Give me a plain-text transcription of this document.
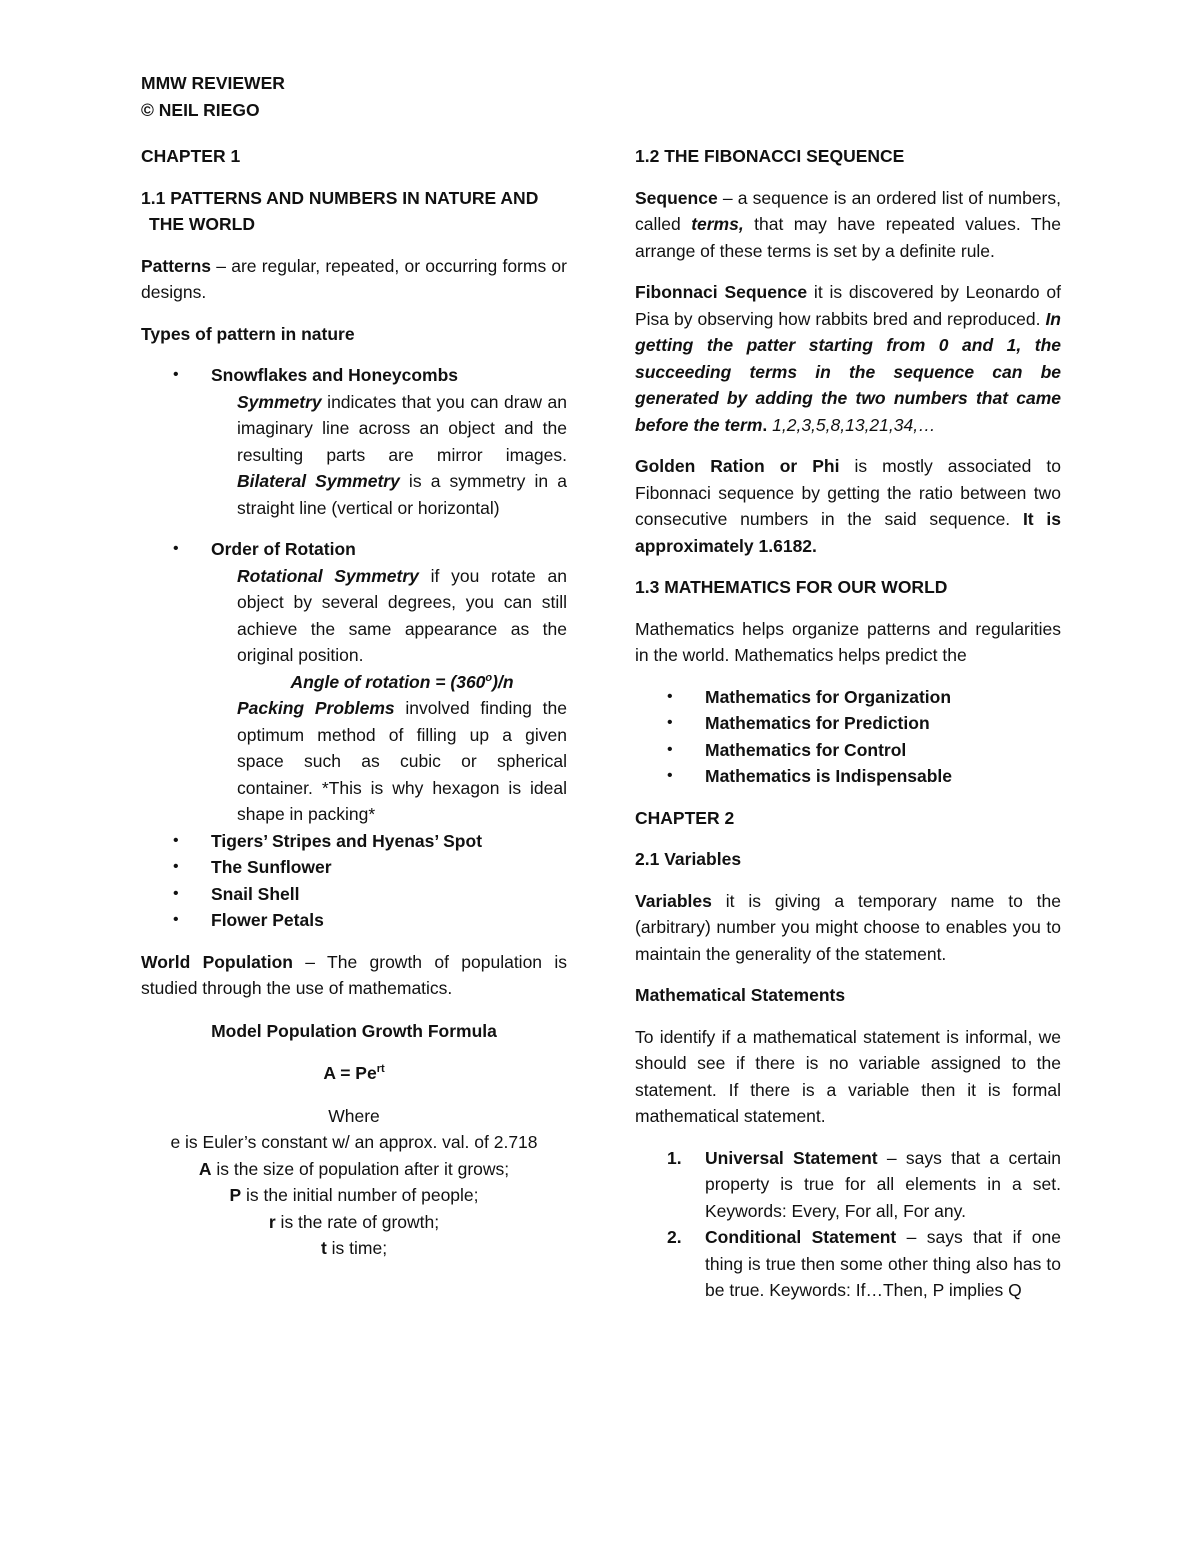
MMW REVIEWER

© NEIL RIEGO

CHAPTER 1

1.1 PATTERNS AND NUMBERS IN NATURE AND THE WORLD

Patterns – are regular, repeated, or occurring forms or designs.

Types of pattern in nature

• Snowflakes and Honeycombs

Symmetry indicates that you can draw an imaginary line across an object and the resulting parts are mirror images. Bilateral Symmetry is a symmetry in a straight line (vertical or horizontal)

• Order of Rotation

Rotational Symmetry if you rotate an object by several degrees, you can still achieve the same appearance as the original position.

Angle of rotation = $(360^o)/n$

Packing Problems involved finding the optimum method of filling up a given space such as cubic or spherical container. *This is why hexagon is ideal shape in packing*

• Tigers’ Stripes and Hyenas’ Spot
• The Sunflower
• Snail Shell
• Flower Petals

World Population – The growth of population is studied through the use of mathematics.

Model Population Growth Formula

$A = Pe^{rt}$

Where

e is Euler’s constant w/ an approx. val. of 2.718

A is the size of population after it grows;

P is the initial number of people;

r is the rate of growth;

t is time;

1.2 THE FIBONACCI SEQUENCE

Sequence – a sequence is an ordered list of numbers, called terms, that may have repeated values. The arrange of these terms is set by a definite rule.

Fibonnaci Sequence it is discovered by Leonardo of Pisa by observing how rabbits bred and reproduced. In getting the patter starting from 0 and 1, the succeeding terms in the sequence can be generated by adding the two numbers that came before the term. 1,2,3,5,8,13,21,34,…

Golden Ration or Phi is mostly associated to Fibonnaci sequence by getting the ratio between two consecutive numbers in the said sequence. It is approximately 1.6182.

1.3 MATHEMATICS FOR OUR WORLD

Mathematics helps organize patterns and regularities in the world. Mathematics helps predict the

• Mathematics for Organization
• Mathematics for Prediction
• Mathematics for Control
• Mathematics is Indispensable

CHAPTER 2

2.1 Variables

Variables it is giving a temporary name to the (arbitrary) number you might choose to enables you to maintain the generality of the statement.

Mathematical Statements

To identify if a mathematical statement is informal, we should see if there is no variable assigned to the statement. If there is a variable then it is formal mathematical statement.

1. Universal Statement – says that a certain property is true for all elements in a set. Keywords: Every, For all, For any.
2. Conditional Statement – says that if one thing is true then some other thing also has to be true. Keywords: If…Then, P implies Q
